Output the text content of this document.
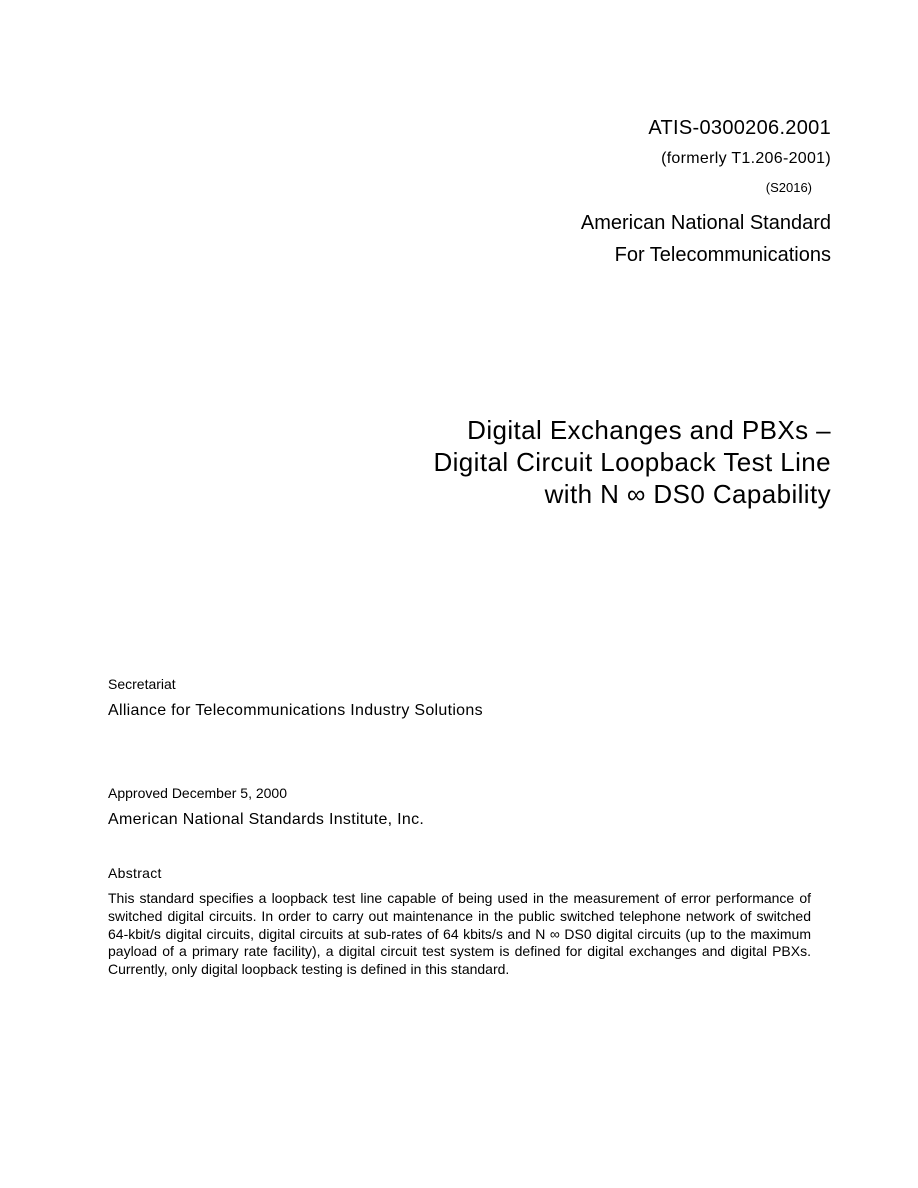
ATIS-0300206.2001
(formerly T1.206-2001)
(S2016)
American National Standard
For Telecommunications
Digital Exchanges and PBXs –
Digital Circuit Loopback Test Line
with N ∞ DS0 Capability
Secretariat
Alliance for Telecommunications Industry Solutions
Approved December 5, 2000
American National Standards Institute, Inc.
Abstract
This standard specifies a loopback test line capable of being used in the measurement of error performance of switched digital circuits. In order to carry out maintenance in the public switched telephone network of switched 64-kbit/s digital circuits, digital circuits at sub-rates of 64 kbits/s and N ∞ DS0 digital circuits (up to the maximum payload of a primary rate facility), a digital circuit test system is defined for digital exchanges and digital PBXs. Currently, only digital loopback testing is defined in this standard.
